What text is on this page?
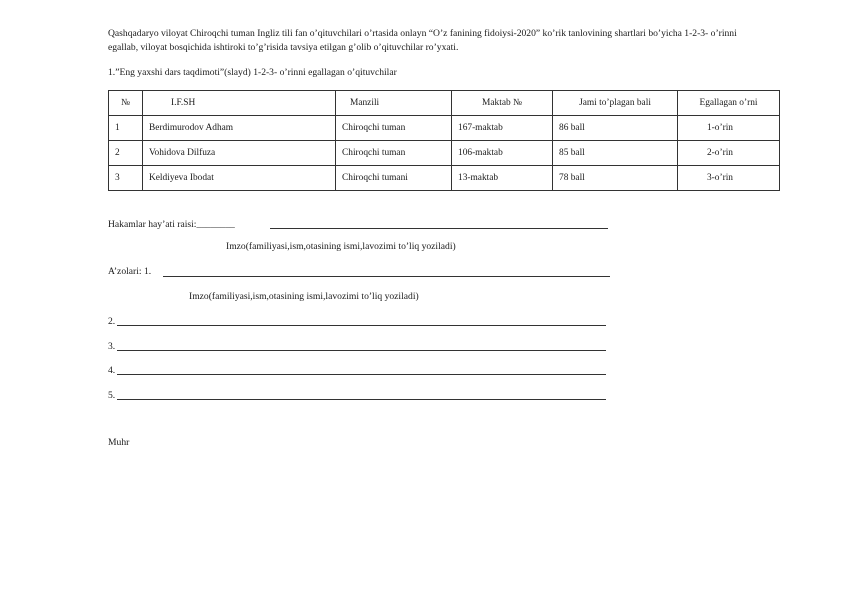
Qashqadaryo viloyat Chiroqchi tuman Ingliz tili fan o’qituvchilari o’rtasida onlayn “O’z fanining fidoiysi-2020” ko’rik tanlovining shartlari bo’yicha 1-2-3- o’rinni egallab, viloyat bosqichida ishtiroki to’g’risida tavsiya etilgan g’olib o’qituvchilar ro’yxati.
1.”Eng yaxshi dars taqdimoti”(slayd) 1-2-3- o’rinni egallagan o’qituvchilar
№	I.F.SH	Manzili	Maktab №	Jami to’plagan bali	Egallagan o’rni
1	Berdimurodov Adham	Chiroqchi tuman	167-maktab	86 ball	1-o’rin
2	Vohidova Dilfuza	Chiroqchi tuman	106-maktab	85 ball	2-o’rin
3	Keldiyeva Ibodat	Chiroqchi tumani	13-maktab	78 ball	3-o’rin
Hakamlar hay’ati raisi:________
Imzo(familiyasi,ism,otasining ismi,lavozimi to’liq yoziladi)
A’zolari: 1.
Imzo(familiyasi,ism,otasining ismi,lavozimi to’liq yoziladi)
2.
3.
4.
5.
Muhr
